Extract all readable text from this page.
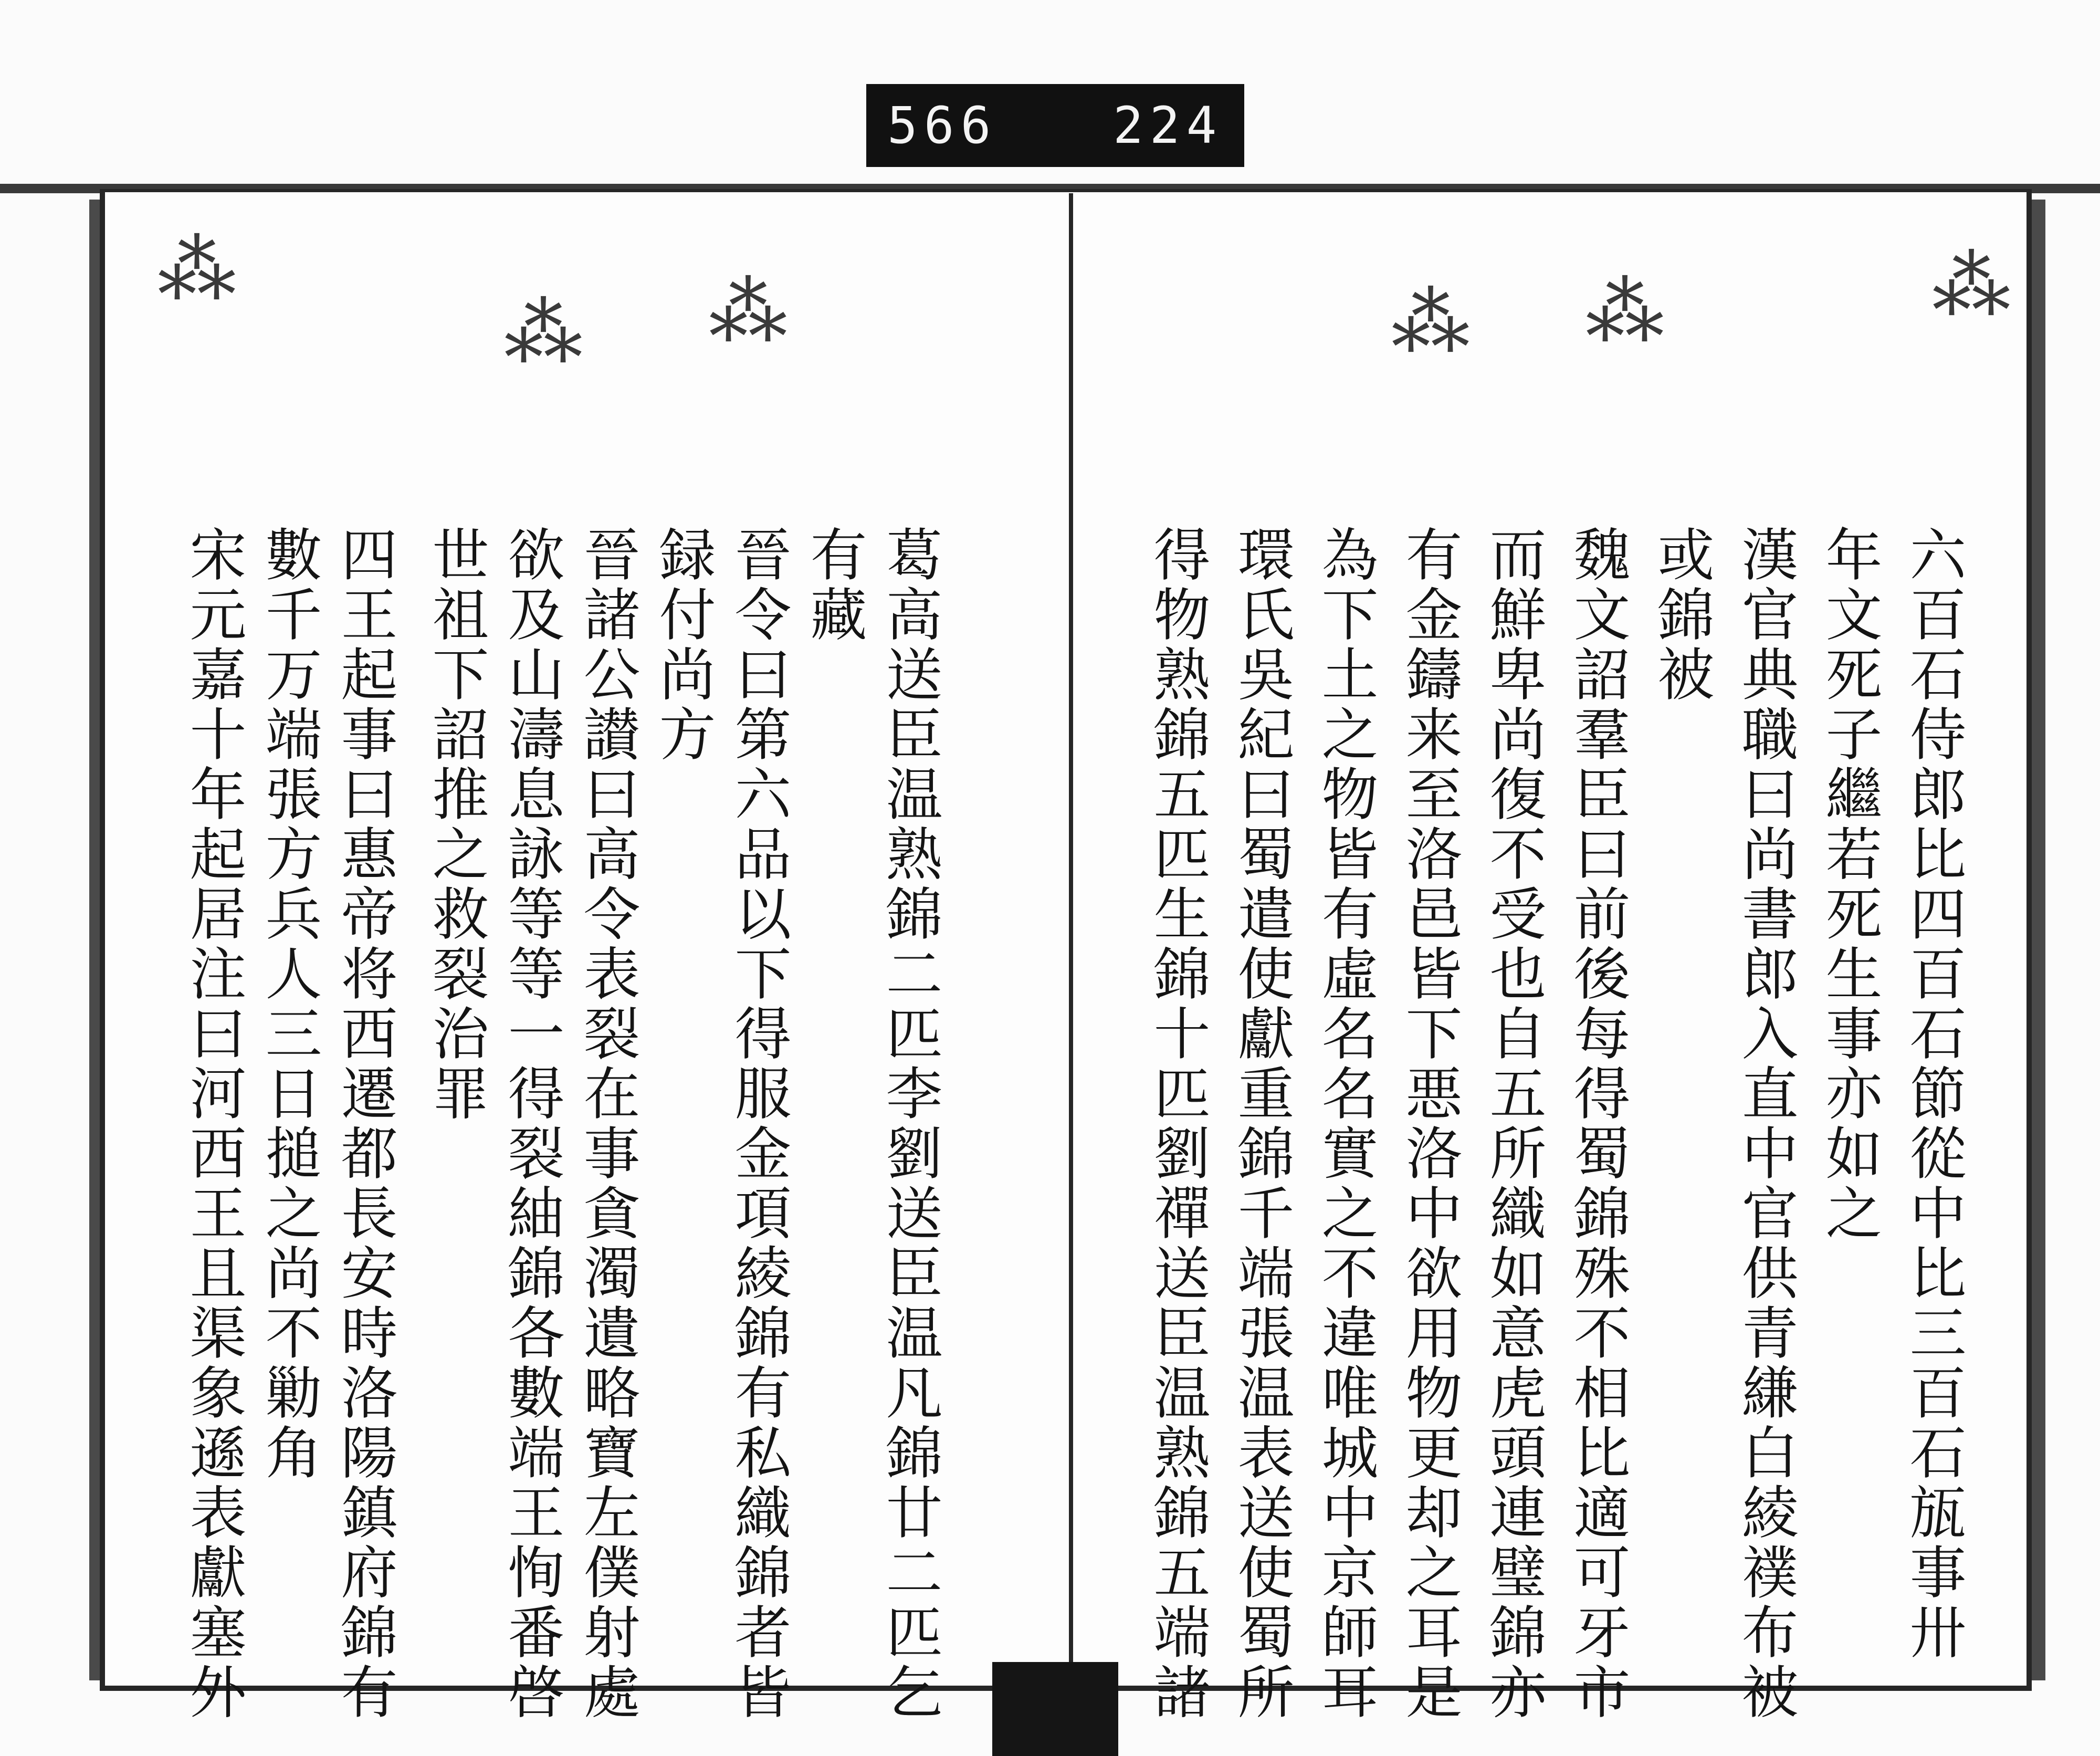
566 224
⁂	⁂
⁂	⁂ ⁂	⁂
六百石侍郎比四百石節從中比三百石瓬事卅
年文死子繼若死生事亦如之
漢官典職曰尚書郎入直中官供青縑白綾襆布被
或錦被
魏文詔羣臣曰前後每得蜀錦殊不相比適可牙市
而鮮卑尚復不受也自五所織如意虎頭連璧錦亦
有金鑄来至洛邑皆下悪洛中欲用物更却之耳是
為下土之物皆有虛名名實之不違唯城中京師耳
環氏吳紀曰蜀遣使獻重錦千端張温表送使蜀所
得物熟錦五匹生錦十匹劉禪送臣温熟錦五端諸
葛高送臣温熟錦二匹李劉送臣温凡錦廿二匹乞
有藏
晉令曰第六品以下得服金項綾錦有私織錦者皆
録付尚方
晉諸公讃曰高令表裂在事貪濁遺略寶左僕射處
欲及山濤息詠等等一得裂紬錦各數端王恂番啓
世祖下詔推之救裂治罪
四王起事曰惠帝将西遷都長安時洛陽鎮府錦有
數千万端張方兵人三日搥之尚不勦角
宋元嘉十年起居注曰河西王且渠象遜表獻塞外
